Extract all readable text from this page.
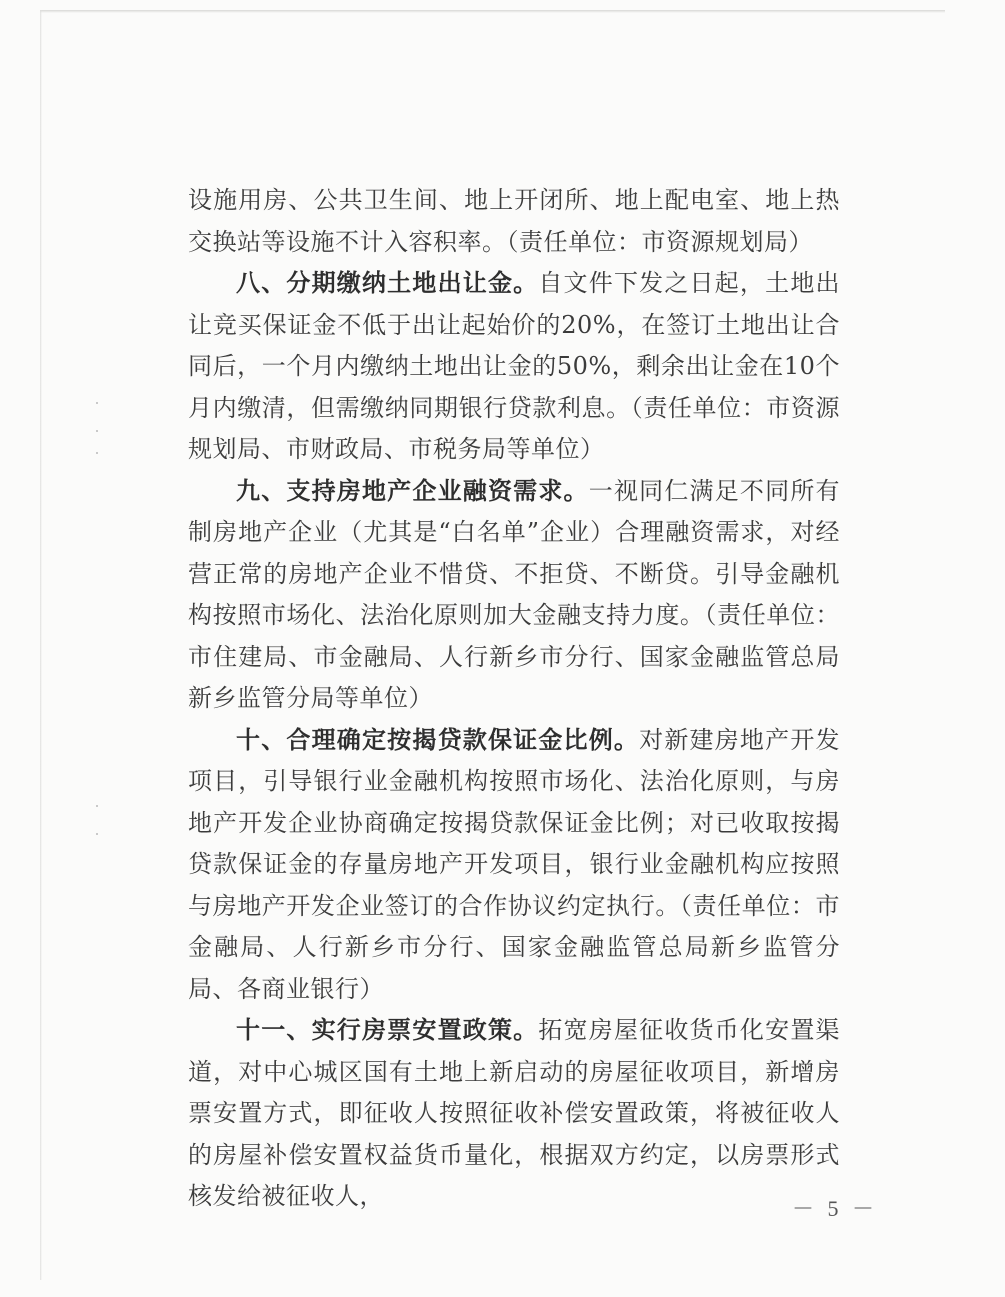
设施用房、公共卫生间、地上开闭所、地上配电室、地上热交换站等设施不计入容积率。（责任单位：市资源规划局）

八、分期缴纳土地出让金。自文件下发之日起，土地出让竞买保证金不低于出让起始价的20%，在签订土地出让合同后，一个月内缴纳土地出让金的50%，剩余出让金在10个月内缴清，但需缴纳同期银行贷款利息。（责任单位：市资源规划局、市财政局、市税务局等单位）

九、支持房地产企业融资需求。一视同仁满足不同所有制房地产企业（尤其是“白名单”企业）合理融资需求，对经营正常的房地产企业不惜贷、不拒贷、不断贷。引导金融机构按照市场化、法治化原则加大金融支持力度。（责任单位：市住建局、市金融局、人行新乡市分行、国家金融监管总局新乡监管分局等单位）

十、合理确定按揭贷款保证金比例。对新建房地产开发项目，引导银行业金融机构按照市场化、法治化原则，与房地产开发企业协商确定按揭贷款保证金比例；对已收取按揭贷款保证金的存量房地产开发项目，银行业金融机构应按照与房地产开发企业签订的合作协议约定执行。（责任单位：市金融局、人行新乡市分行、国家金融监管总局新乡监管分局、各商业银行）

十一、实行房票安置政策。拓宽房屋征收货币化安置渠道，对中心城区国有土地上新启动的房屋征收项目，新增房票安置方式，即征收人按照征收补偿安置政策，将被征收人的房屋补偿安置权益货币量化，根据双方约定，以房票形式核发给被征收人，	－ 5 －
